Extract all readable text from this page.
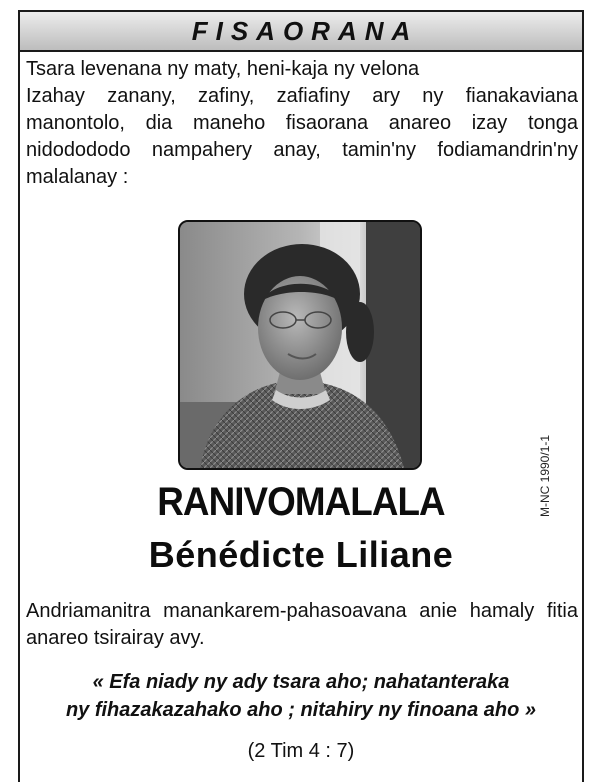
FISAORANA

Tsara levenana ny maty, heni-kaja ny velona

Izahay zanany, zafiny, zafiafiny ary ny fianakaviana manontolo, dia maneho fisaorana anareo izay tonga nidodododo nampahery anay, tamin'ny fodiamandrin'ny malalanay :

M-NC 1990/1-1
RANIVOMALALA
Bénédicte Liliane

Andriamanitra manankarem-pahasoavana anie hamaly fitia anareo tsirairay avy.

« Efa niady ny ady tsara aho; nahatanteraka
ny fihazakazahako aho ; nitahiry ny finoana aho »
(2 Tim 4 : 7)
